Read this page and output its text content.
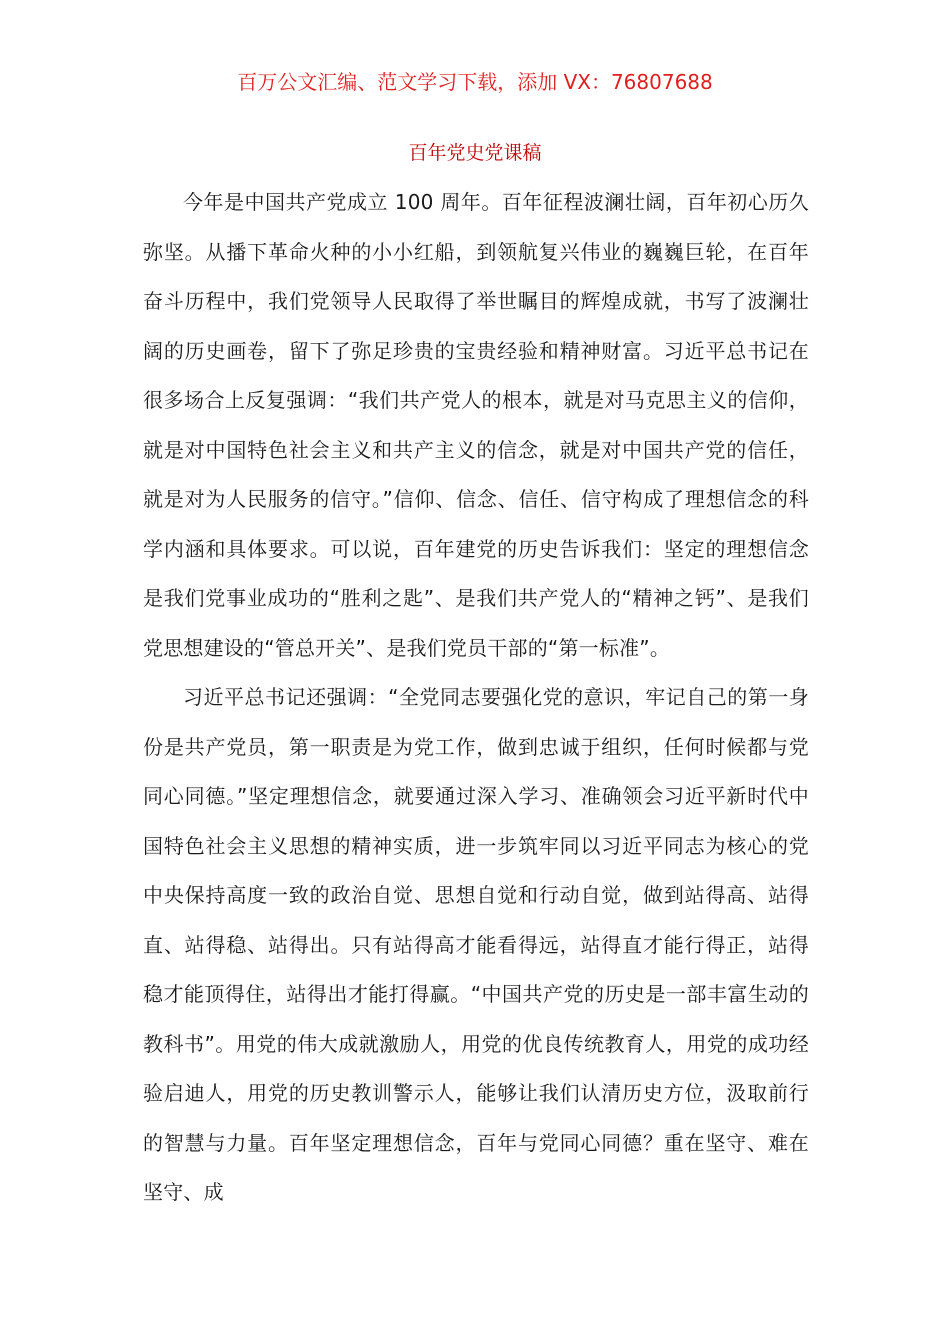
百万公文汇编、范文学习下载，添加 VX：76807688
百年党史党课稿

今年是中国共产党成立 100 周年。百年征程波澜壮阔，百年初心历久弥坚。从播下革命火种的小小红船，到领航复兴伟业的巍巍巨轮，在百年奋斗历程中，我们党领导人民取得了举世瞩目的辉煌成就，书写了波澜壮阔的历史画卷，留下了弥足珍贵的宝贵经验和精神财富。习近平总书记在很多场合上反复强调：“我们共产党人的根本，就是对马克思主义的信仰，就是对中国特色社会主义和共产主义的信念，就是对中国共产党的信任，就是对为人民服务的信守。”信仰、信念、信任、信守构成了理想信念的科学内涵和具体要求。可以说，百年建党的历史告诉我们：坚定的理想信念是我们党事业成功的“胜利之匙”、是我们共产党人的“精神之钙”、是我们党思想建设的“管总开关”、是我们党员干部的“第一标准”。

习近平总书记还强调：“全党同志要强化党的意识，牢记自己的第一身份是共产党员，第一职责是为党工作，做到忠诚于组织，任何时候都与党同心同德。”坚定理想信念，就要通过深入学习、准确领会习近平新时代中国特色社会主义思想的精神实质，进一步筑牢同以习近平同志为核心的党中央保持高度一致的政治自觉、思想自觉和行动自觉，做到站得高、站得直、站得稳、站得出。只有站得高才能看得远，站得直才能行得正，站得稳才能顶得住，站得出才能打得赢。“中国共产党的历史是一部丰富生动的教科书”。用党的伟大成就激励人，用党的优良传统教育人，用党的成功经验启迪人，用党的历史教训警示人，能够让我们认清历史方位，汲取前行的智慧与力量。百年坚定理想信念，百年与党同心同德？重在坚守、难在坚守、成
